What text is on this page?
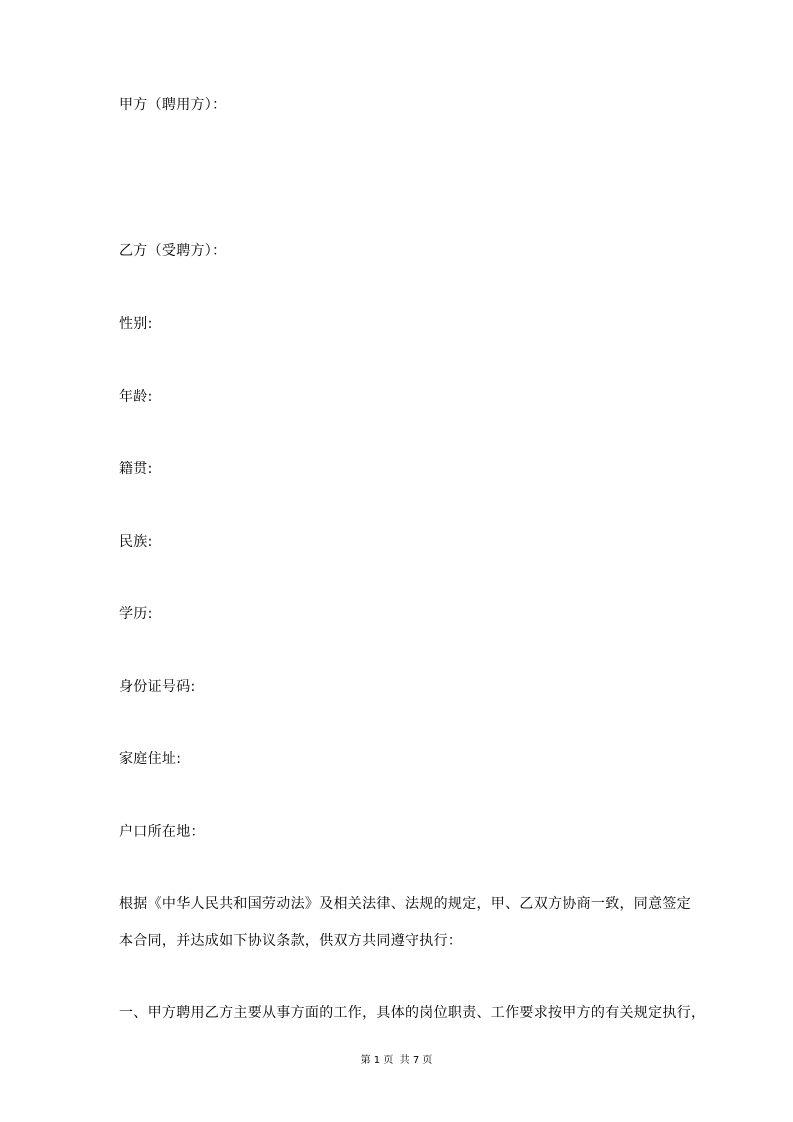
甲方（聘用方）：
乙方（受聘方）：
性别:
年龄:
籍贯:
民族:
学历:
身份证号码:
家庭住址:
户口所在地：
根据《中华人民共和国劳动法》及相关法律、法规的规定，甲、乙双方协商一致，同意签定
本合同，并达成如下协议条款，供双方共同遵守执行：
一、甲方聘用乙方主要从事方面的工作，具体的岗位职责、工作要求按甲方的有关规定执行，
第 1 页  共 7 页
